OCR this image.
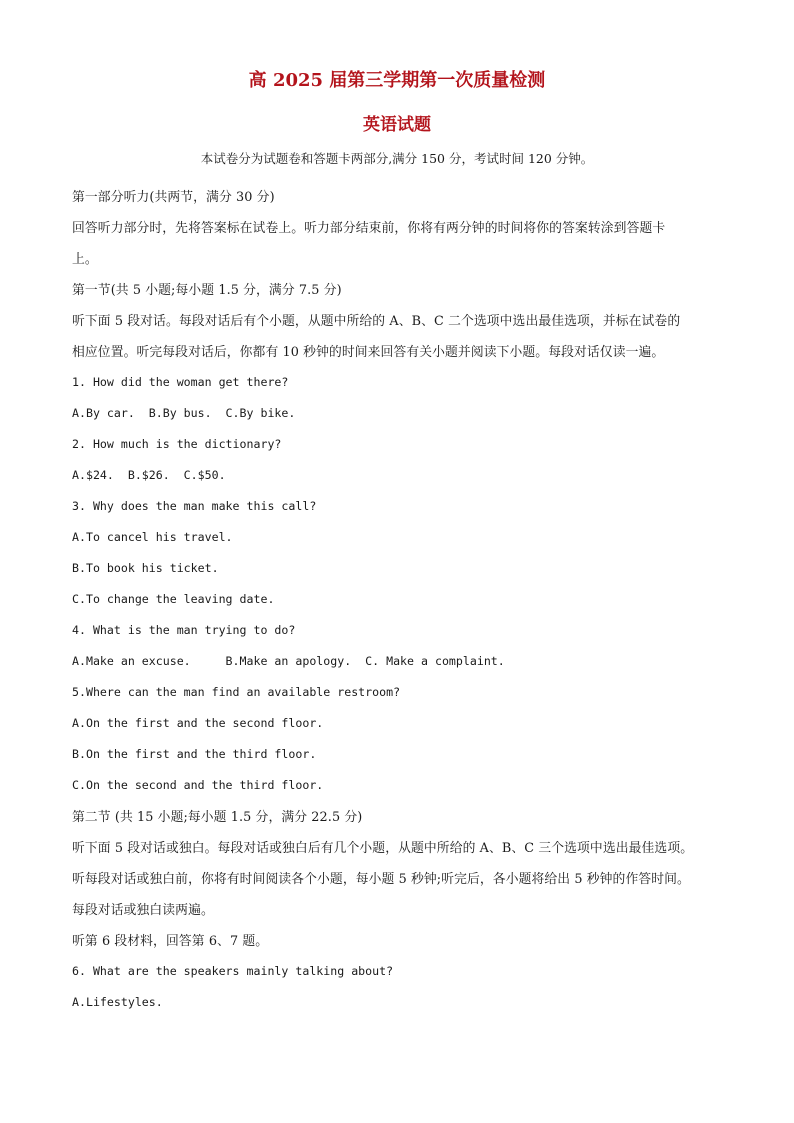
高 2025 届第三学期第一次质量检测
英语试题
本试卷分为试题卷和答题卡两部分,满分 150 分，考试时间 120 分钟。
第一部分听力(共两节，满分 30 分)
回答听力部分时，先将答案标在试卷上。听力部分结束前，你将有两分钟的时间将你的答案转涂到答题卡
上。
第一节(共 5 小题;每小题 1.5 分，满分 7.5 分)
听下面 5 段对话。每段对话后有个小题，从题中所给的 A、B、C 二个选项中选出最佳选项，并标在试卷的
相应位置。听完每段对话后，你都有 10 秒钟的时间来回答有关小题并阅读下小题。每段对话仅读一遍。
1. How did the woman get there?
A.By car.  B.By bus.  C.By bike.
2. How much is the dictionary?
A.$24.  B.$26.  C.$50.
3. Why does the man make this call?
A.To cancel his travel.
B.To book his ticket.
C.To change the leaving date.
4. What is the man trying to do?
A.Make an excuse.     B.Make an apology.  C. Make a complaint.
5.Where can the man find an available restroom?
A.On the first and the second floor.
B.On the first and the third floor.
C.On the second and the third floor.
第二节 (共 15 小题;每小题 1.5 分，满分 22.5 分)
听下面 5 段对话或独白。每段对话或独白后有几个小题，从题中所给的 A、B、C 三个选项中选出最佳选项。
听每段对话或独白前，你将有时间阅读各个小题，每小题 5 秒钟;听完后，各小题将给出 5 秒钟的作答时间。
每段对话或独白读两遍。
听第 6 段材料，回答第 6、7 题。
6. What are the speakers mainly talking about?
A.Lifestyles.
